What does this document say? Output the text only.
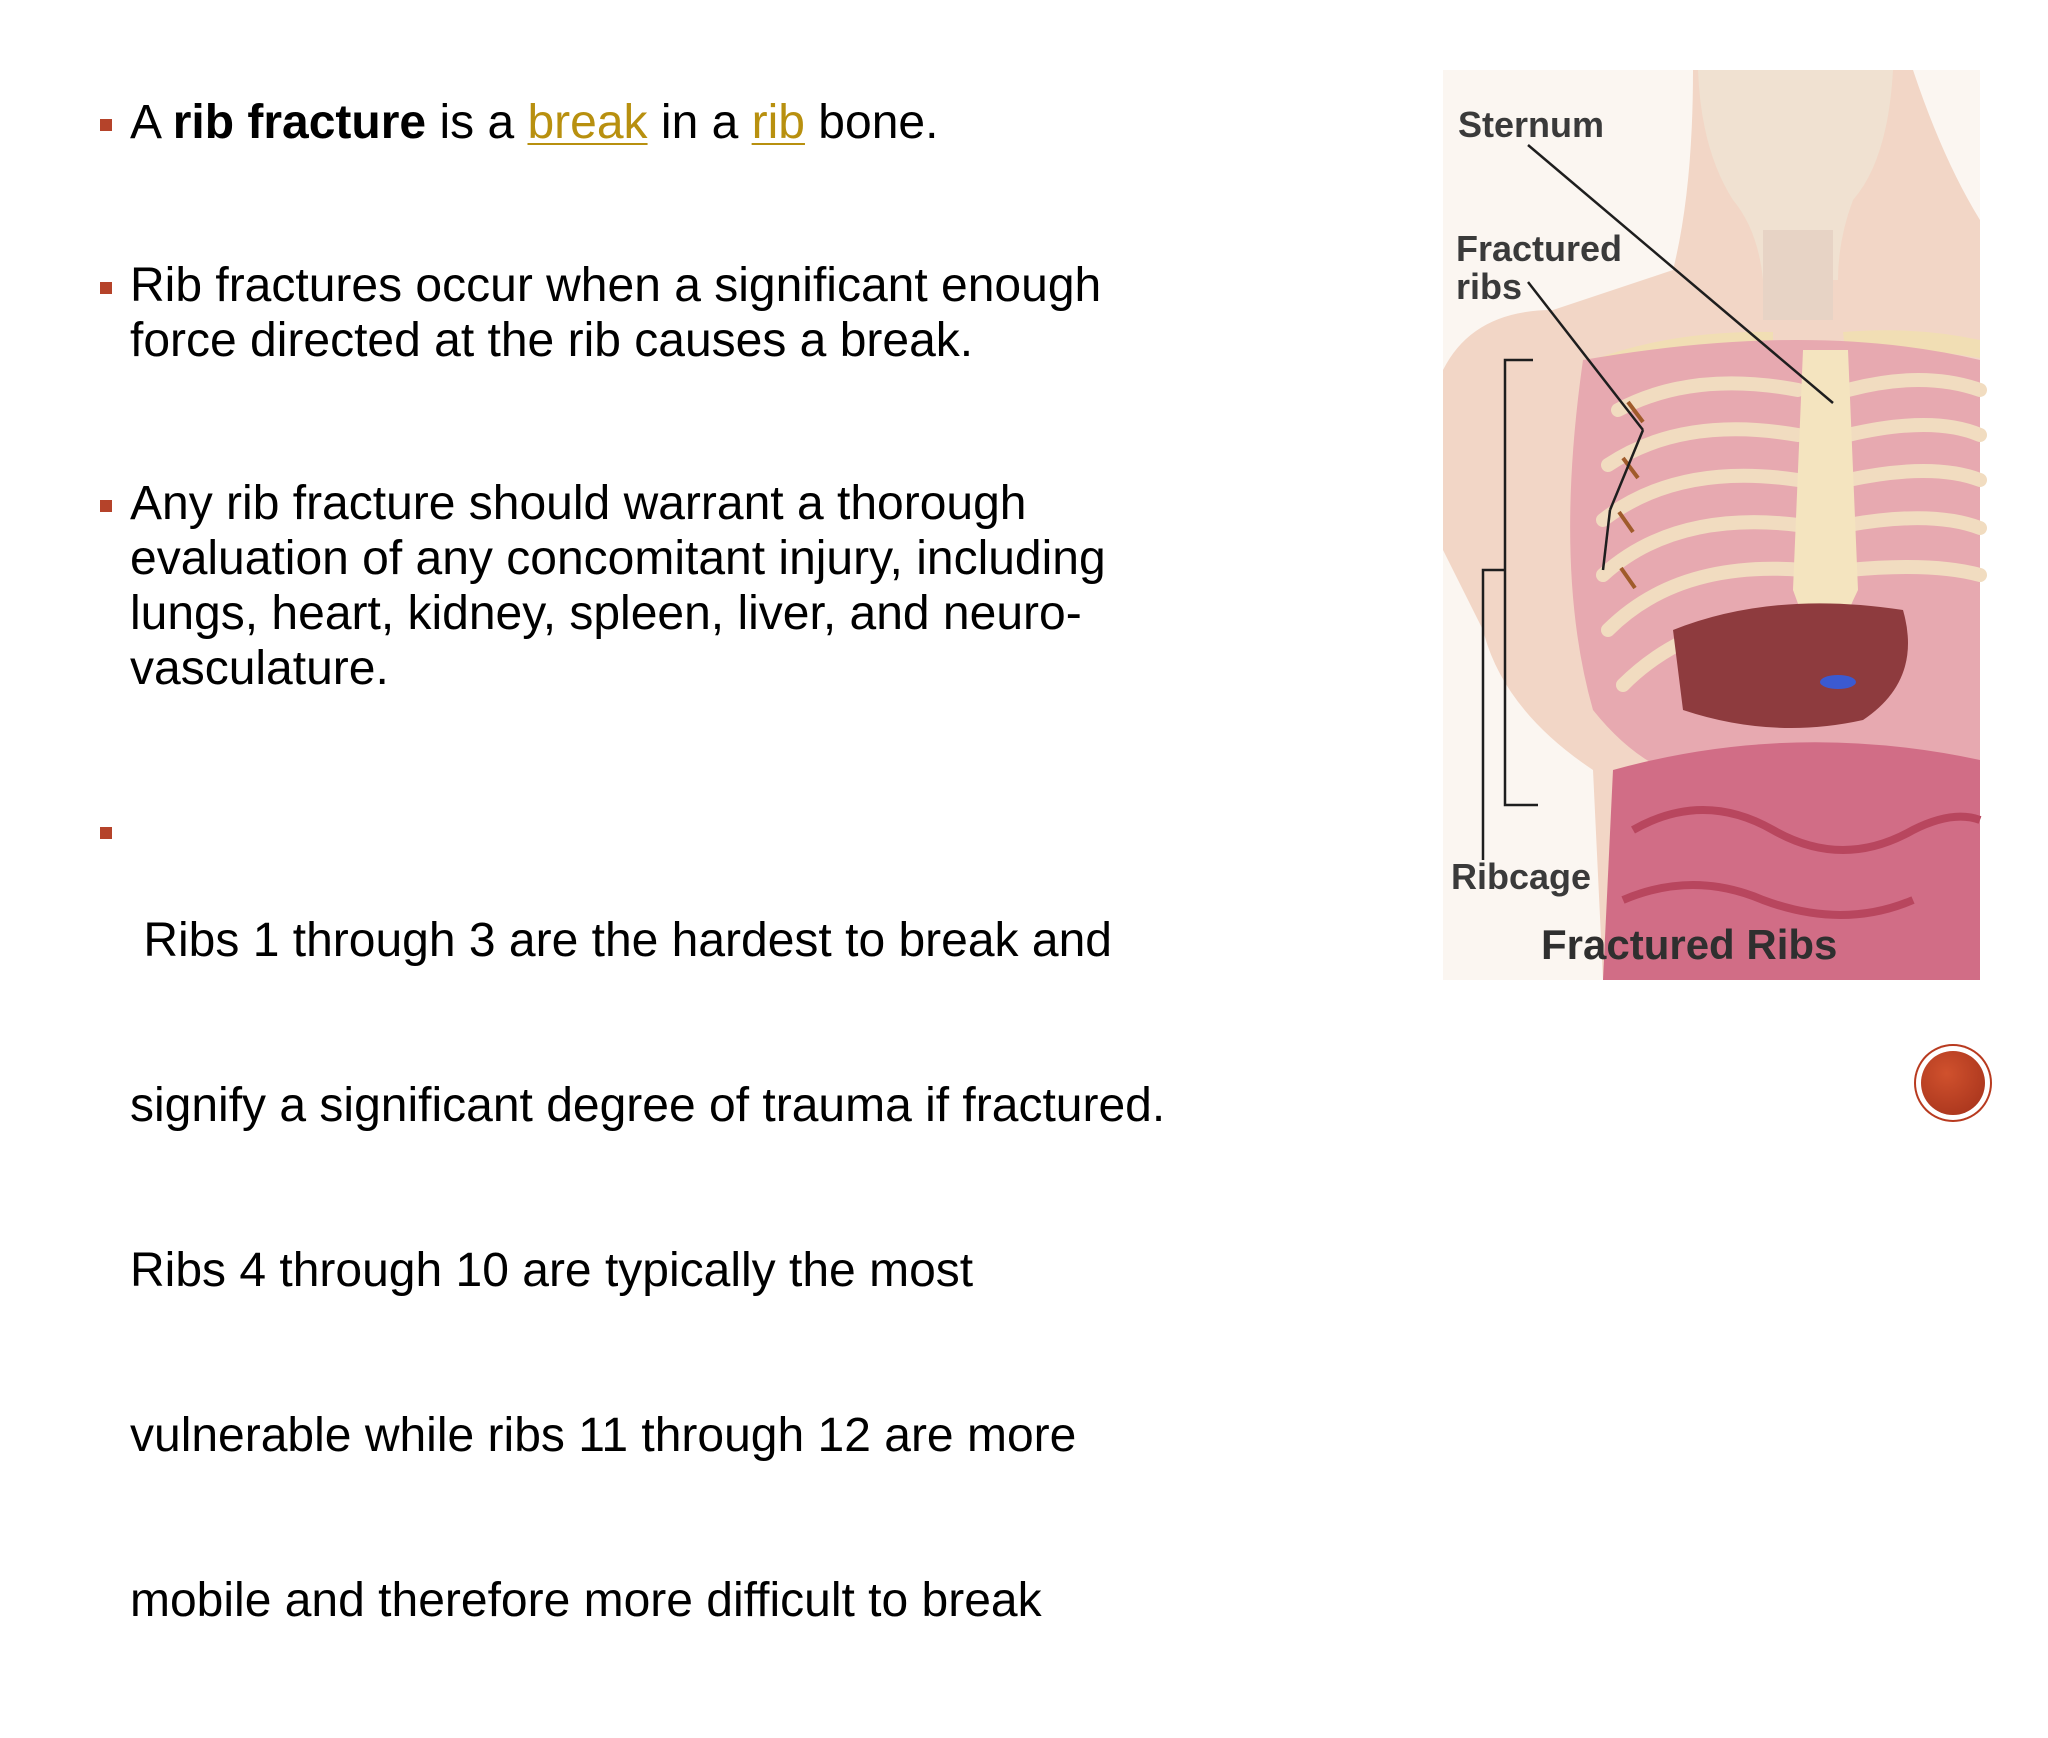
A rib fracture is a break in a rib bone.
Rib fractures occur when a significant enough
force directed at the rib causes a break.
Any rib fracture should warrant a thorough
evaluation of any concomitant injury, including
lungs, heart, kidney, spleen, liver, and neuro-
vasculature.

Ribs 1 through 3 are the hardest to break and

signify a significant degree of trauma if fractured.

Ribs 4 through 10 are typically the most

vulnerable while ribs 11 through 12 are more

mobile and therefore more difficult to break

Sternum
Fractured
ribs
Ribcage
Fractured Ribs
